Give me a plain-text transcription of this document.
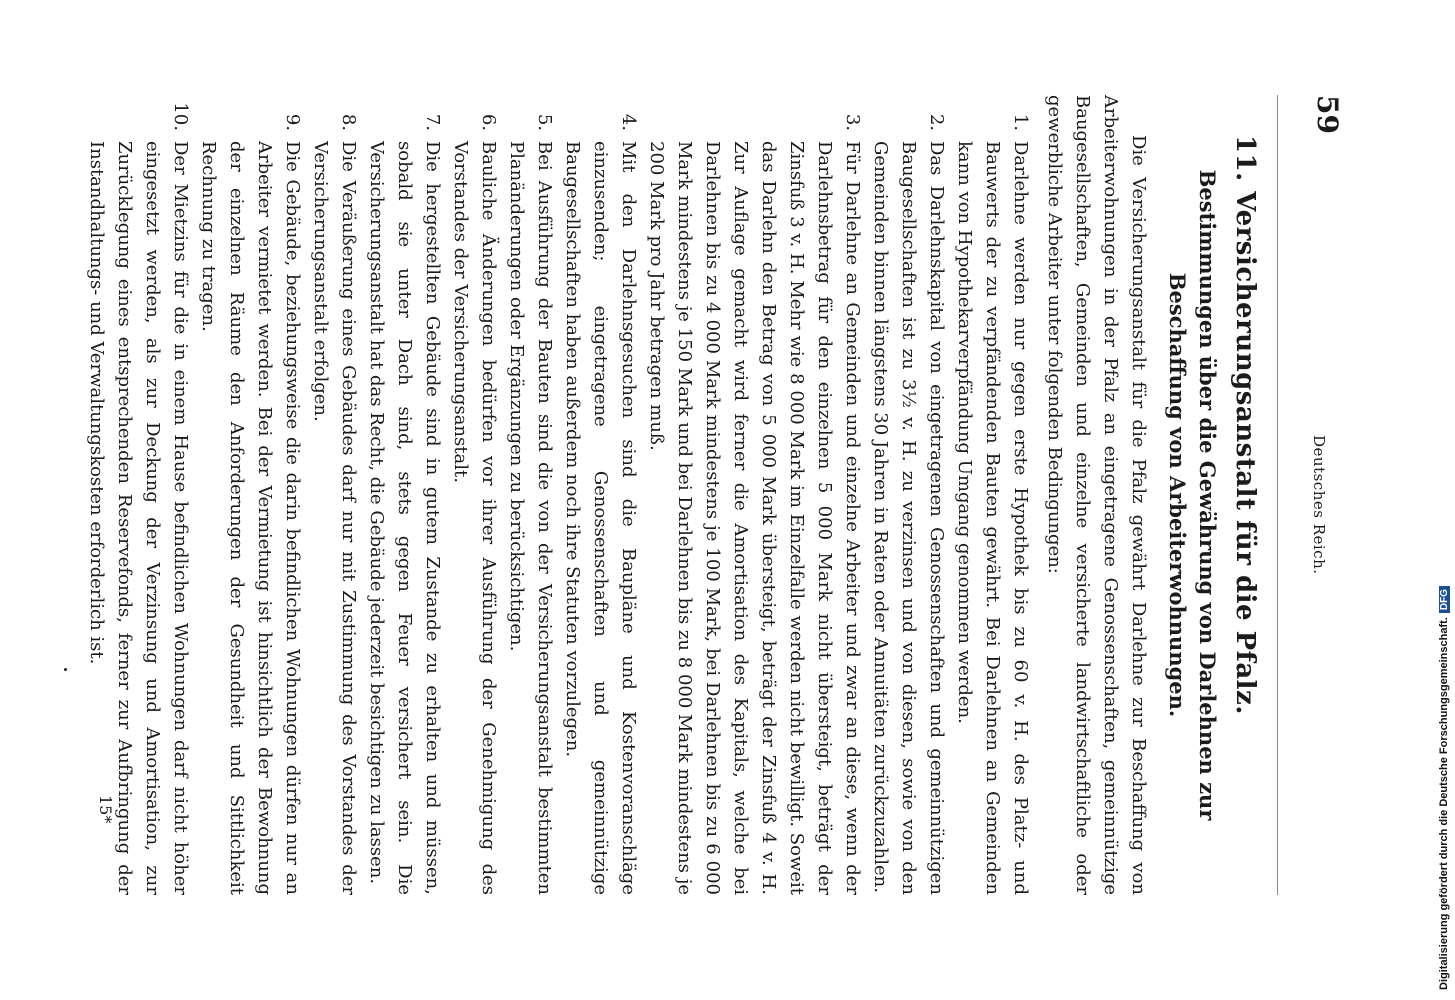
59
Deutsches Reich.
11. Versicherungsanstalt für die Pfalz.
Bestimmungen über die Gewährung von Darlehnen zur Beschaffung von Arbeiterwohnungen.

Die Versicherungsanstalt für die Pfalz gewährt Darlehne zur Beschaffung von Arbeiterwohnungen in der Pfalz an eingetragene Genossenschaften, gemeinnützige Baugesellschaften, Gemeinden und einzelne versicherte landwirtschaftliche oder gewerbliche Arbeiter unter folgenden Bedingungen:

1.
Darlehne werden nur gegen erste Hypothek bis zu 60 v. H. des Platz- und Bauwerts der zu verpfändenden Bauten gewährt. Bei Darlehnen an Gemeinden kann von Hypothekarverpfändung Umgang genommen werden.
2.
Das Darlehnskapital von eingetragenen Genossenschaften und gemeinnützigen Baugesellschaften ist zu 3½ v. H. zu verzinsen und von diesen, sowie von den Gemeinden binnen längstens 30 Jahren in Raten oder Annuitäten zurückzuzahlen.
3.
Für Darlehne an Gemeinden und einzelne Arbeiter und zwar an diese, wenn der Darlehnsbetrag für den einzelnen 5 000 Mark nicht übersteigt, beträgt der Zinsfuß 3 v. H. Mehr wie 8 000 Mark im Einzelfalle werden nicht bewilligt. Soweit das Darlehn den Betrag von 5 000 Mark übersteigt, beträgt der Zinsfuß 4 v. H. Zur Auflage gemacht wird ferner die Amortisation des Kapitals, welche bei Darlehnen bis zu 4 000 Mark mindestens je 100 Mark, bei Darlehnen bis zu 6 000 Mark mindestens je 150 Mark und bei Darlehnen bis zu 8 000 Mark mindestens je 200 Mark pro Jahr betragen muß.
4.
Mit den Darlehnsgesuchen sind die Baupläne und Kostenvoranschläge einzusenden; eingetragene Genossenschaften und gemeinnützige Baugesellschaften haben außerdem noch ihre Statuten vorzulegen.
5.
Bei Ausführung der Bauten sind die von der Versicherungsanstalt bestimmten Planänderungen oder Ergänzungen zu berücksichtigen.
6.
Bauliche Änderungen bedürfen vor ihrer Ausführung der Genehmigung des Vorstandes der Versicherungsanstalt.
7.
Die hergestellten Gebäude sind in gutem Zustande zu erhalten und müssen, sobald sie unter Dach sind, stets gegen Feuer versichert sein. Die Versicherungsanstalt hat das Recht, die Gebäude jederzeit besichtigen zu lassen.
8.
Die Veräußerung eines Gebäudes darf nur mit Zustimmung des Vorstandes der Versicherungsanstalt erfolgen.
9.
Die Gebäude, beziehungsweise die darin befindlichen Wohnungen dürfen nur an Arbeiter vermietet werden. Bei der Vermietung ist hinsichtlich der Bewohnung der einzelnen Räume den Anforderungen der Gesundheit und Sittlichkeit Rechnung zu tragen.
10.
Der Mietzins für die in einem Hause befindlichen Wohnungen darf nicht höher eingesetzt werden, als zur Deckung der Verzinsung und Amortisation, zur Zurücklegung eines entsprechenden Reservefonds, ferner zur Aufbringung der Instandhaltungs- und Verwaltungskosten erforderlich ist.
15*	Digitalisierung gefördert durch die Deutsche Forschungsgemeinschaft.DFG
